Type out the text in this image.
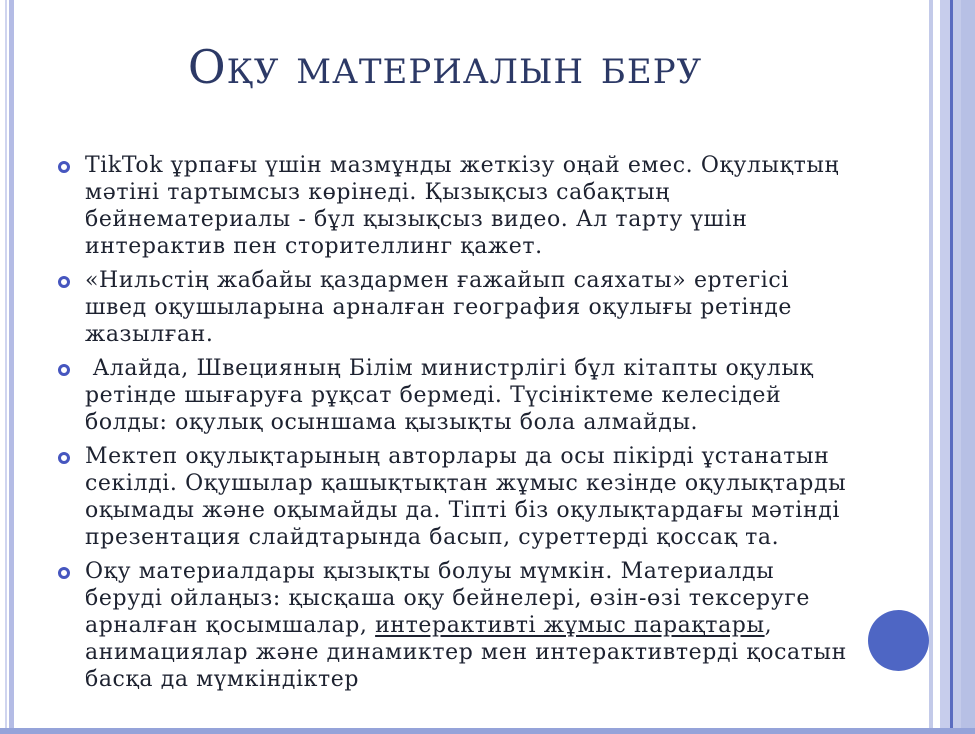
ОҚУ МАТЕРИАЛЫН БЕРУ
TikTok ұрпағы үшін мазмұнды жеткізу оңай емес. Оқулықтың мәтіні тартымсыз көрінеді. Қызықсыз сабақтың бейнематериалы - бұл қызықсыз видео. Ал тарту үшін интерактив пен сторителлинг қажет.
«Нильстің жабайы қаздармен ғажайып саяхаты» ертегісі швед оқушыларына арналған география оқулығы ретінде жазылған.
Алайда, Швецияның Білім министрлігі бұл кітапты оқулық ретінде шығаруға рұқсат бермеді. Түсініктеме келесідей болды: оқулық осыншама қызықты бола алмайды.
Мектеп оқулықтарының авторлары да осы пікірді ұстанатын секілді. Оқушылар қашықтықтан жұмыс кезінде оқулықтарды оқымады және оқымайды да. Тіпті біз оқулықтардағы мәтінді презентация слайдтарында басып, суреттерді қоссақ та.
Оқу материалдары қызықты болуы мүмкін. Материалды беруді ойлаңыз: қысқаша оқу бейнелері, өзін-өзі тексеруге арналған қосымшалар, интерактивті жұмыс парақтары, анимациялар және динамиктер мен интерактивтерді қосатын басқа да мүмкіндіктер
